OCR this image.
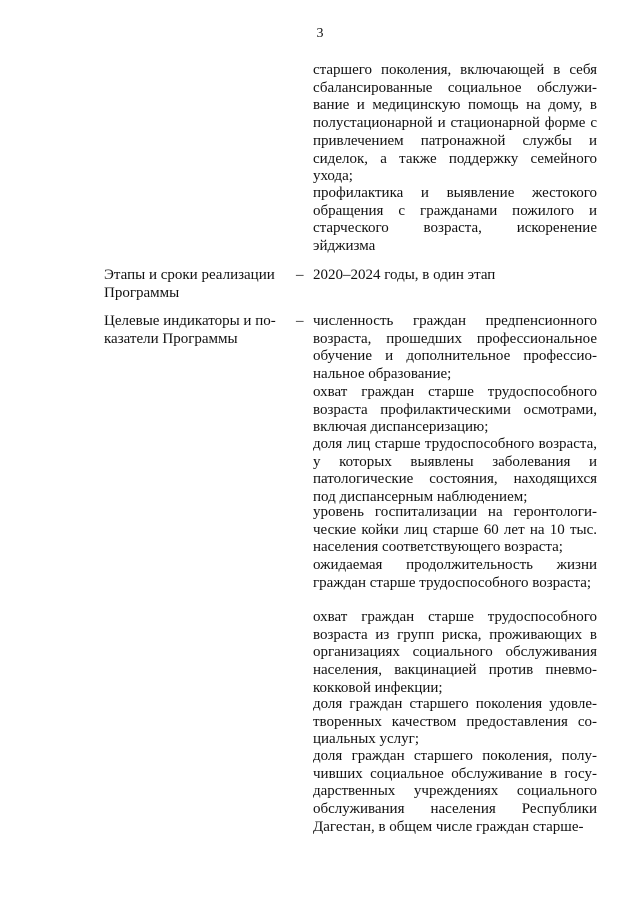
3

старшего поколения, включающей в себя сбалансированные социальное обслуживание и медицинскую помощь на дому, в полустационарной и стационарной форме с привлечением патронажной службы и сиделок, а также поддержку семейного ухода;

профилактика и выявление жестокого обращения с гражданами пожилого и старческого возраста, искоренение эйджизма

Этапы и сроки реализации Программы

– 2020–2024 годы, в один этап

Целевые индикаторы и показатели Программы

– численность граждан предпенсионного возраста, прошедших профессиональное обучение и дополнительное профессиональное образование;

охват граждан старше трудоспособного возраста профилактическими осмотрами, включая диспансеризацию;

доля лиц старше трудоспособного возраста, у которых выявлены заболевания и патологические состояния, находящихся под диспансерным наблюдением;

уровень госпитализации на геронтологические койки лиц старше 60 лет на 10 тыс. населения соответствующего возраста;

ожидаемая продолжительность жизни граждан старше трудоспособного возраста;

охват граждан старше трудоспособного возраста из групп риска, проживающих в организациях социального обслуживания населения, вакцинацией против пневмококковой инфекции;

доля граждан старшего поколения удовлетворенных качеством предоставления социальных услуг;

доля граждан старшего поколения, получивших социальное обслуживание в государственных учреждениях социального обслуживания населения Республики Дагестан, в общем числе граждан старше-
